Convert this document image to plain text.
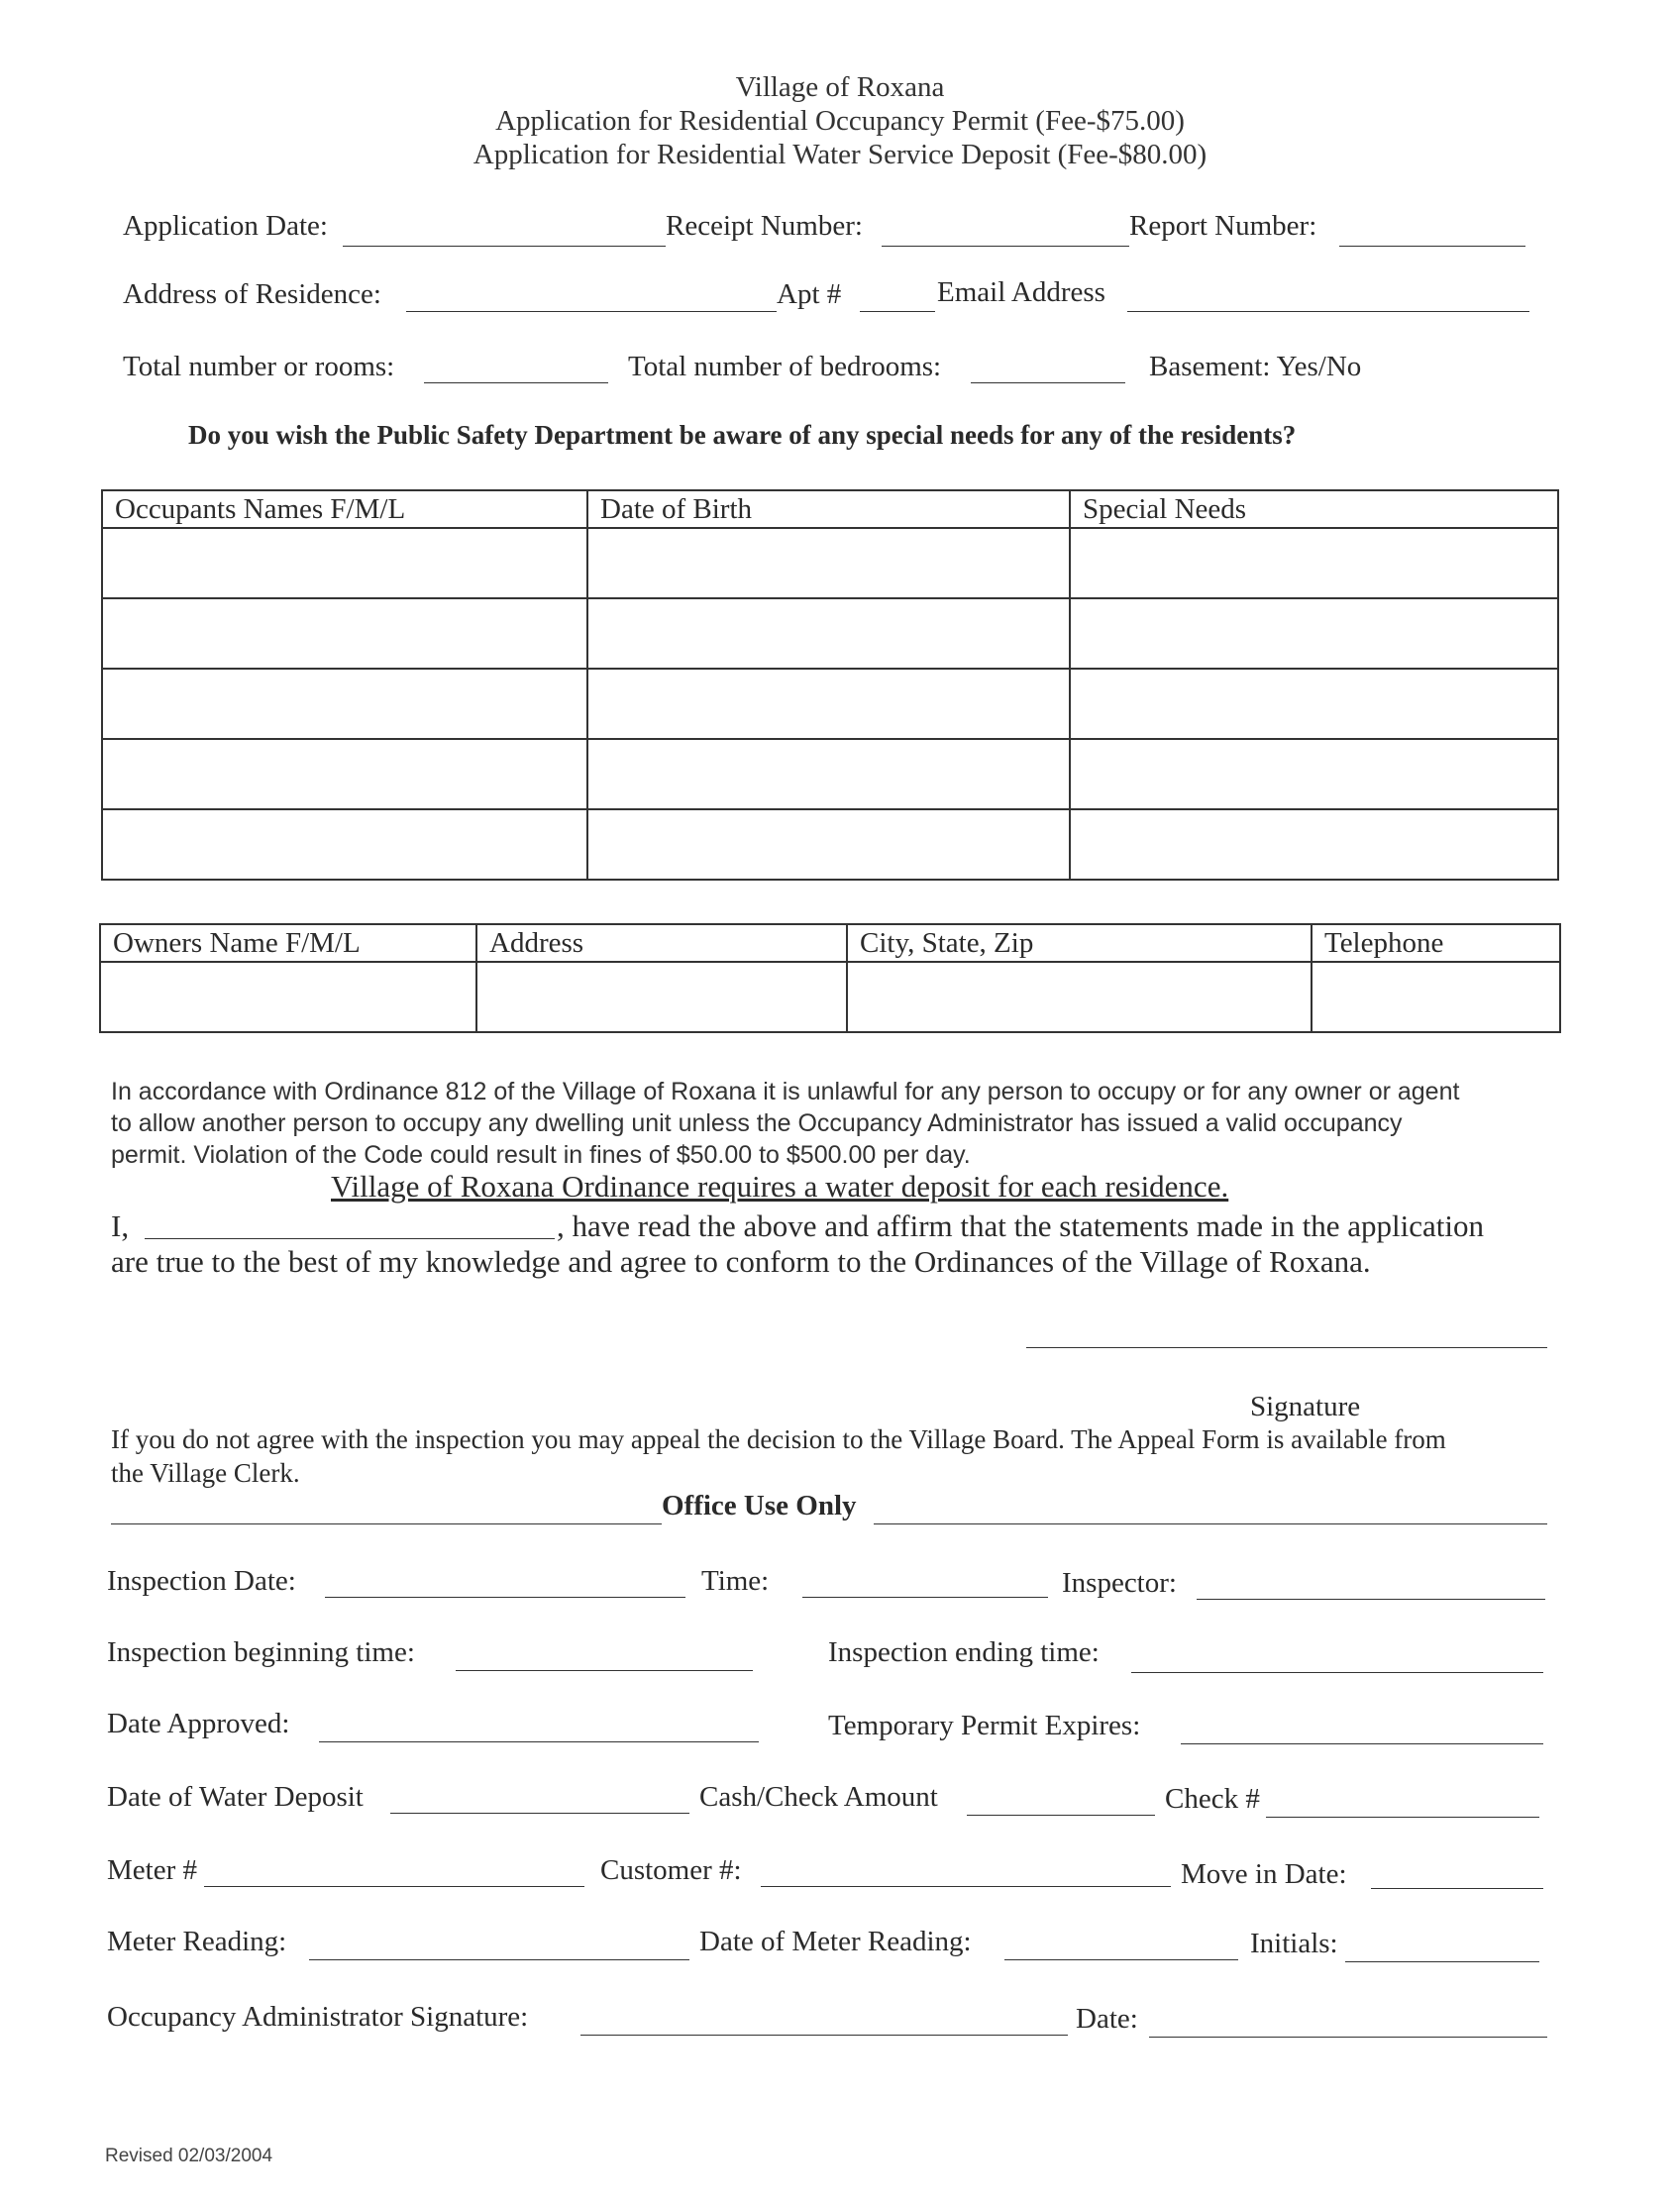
Village of Roxana
Application for Residential Occupancy Permit (Fee-$75.00)
Application for Residential Water Service Deposit (Fee-$80.00)
Application Date:	Receipt Number:	Report Number:
Address of Residence:	Apt #	Email Address
Total number or rooms:	Total number of bedrooms:	Basement: Yes/No
Do you wish the Public Safety Department be aware of any special needs for any of the residents?
Occupants Names F/M/L	Date of Birth	Special Needs

Owners Name F/M/L	Address	City, State, Zip	Telephone

In accordance with Ordinance 812 of the Village of Roxana it is unlawful for any person to occupy or for any owner or agent
to allow another person to occupy any dwelling unit unless the Occupancy Administrator has issued a valid occupancy
permit. Violation of the Code could result in fines of $50.00 to $500.00 per day.
Village of Roxana Ordinance requires a water deposit for each residence.
I,	, have read the above and affirm that the statements made in the application
are true to the best of my knowledge and agree to conform to the Ordinances of the Village of Roxana.
Signature
If you do not agree with the inspection you may appeal the decision to the Village Board. The Appeal Form is available from
the Village Clerk.
Office Use Only
Inspection Date:	Time:	Inspector:
Inspection beginning time:	Inspection ending time:
Date Approved:	Temporary Permit Expires:
Date of Water Deposit	Cash/Check Amount	Check #
Meter #	Customer #:	Move in Date:
Meter Reading:	Date of Meter Reading:	Initials:
Occupancy Administrator Signature:	Date:
Revised 02/03/2004
